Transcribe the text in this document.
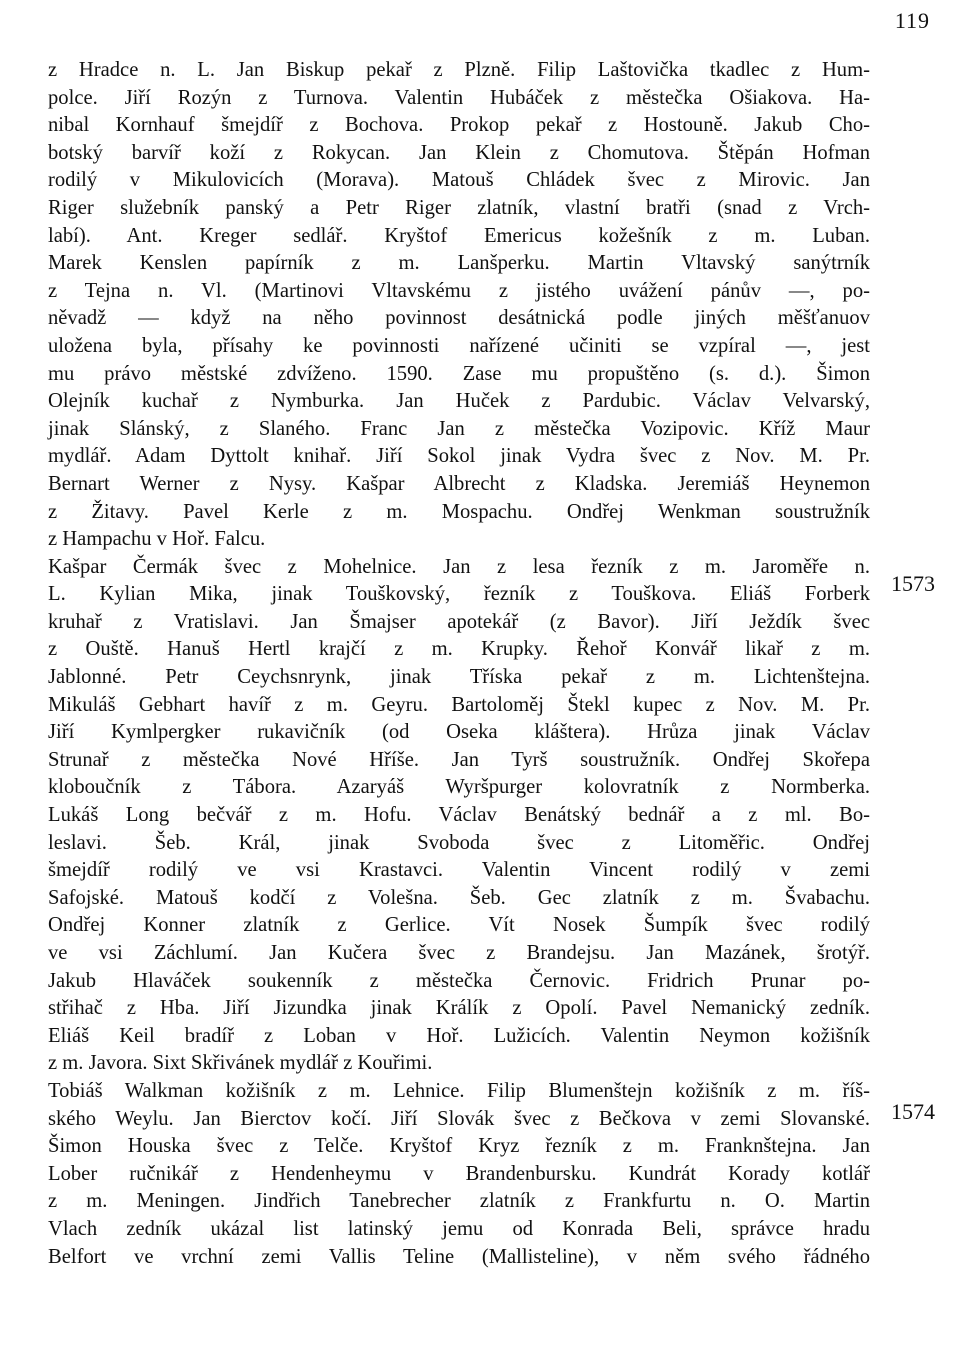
119
z Hradce n. L. Jan Biskup pekař z Plzně. Filip Laštovička tkadlec z Hum-
polce. Jiří Rozýn z Turnova. Valentin Hubáček z městečka Ošiakova. Ha-
nibal Kornhauf šmejdíř z Bochova. Prokop pekař z Hostouně. Jakub Cho-
botský barvíř koží z Rokycan. Jan Klein z Chomutova. Štěpán Hofman
rodilý v Mikulovicích (Morava). Matouš Chládek švec z Mirovic. Jan
Riger služebník panský a Petr Riger zlatník, vlastní bratři (snad z Vrch-
labí). Ant. Kreger sedlář. Kryštof Emericus kožešník z m. Luban.
Marek Kenslen papírník z m. Lanšperku. Martin Vltavský sanýtrník
z Tejna n. Vl. (Martinovi Vltavskému z jistého uvážení pánův —, po-
něvadž — když na něho povinnost desátnická podle jiných měšťanuov
uložena byla, přísahy ke povinnosti nařízené učiniti se vzpíral —, jest
mu právo městské zdvíženo. 1590. Zase mu propuštěno (s. d.). Šimon
Olejník kuchař z Nymburka. Jan Huček z Pardubic. Václav Velvarský,
jinak Slánský, z Slaného. Franc Jan z městečka Vozipovic. Kříž Maur
mydlář. Adam Dyttolt knihař. Jiří Sokol jinak Vydra švec z Nov. M. Pr.
Bernart Werner z Nysy. Kašpar Albrecht z Kladska. Jeremiáš Heynemon
z Žitavy. Pavel Kerle z m. Mospachu. Ondřej Wenkman soustružník
z Hampachu v Hoř. Falcu.
Kašpar Čermák švec z Mohelnice. Jan z lesa řezník z m. Jaroměře n.
L. Kylian Mika, jinak Touškovský, řezník z Touškova. Eliáš Forberk
kruhař z Vratislavi. Jan Šmajser apotekář (z Bavor). Jiří Ježdík švec
z Ouště. Hanuš Hertl krajčí z m. Krupky. Řehoř Konvář likař z m.
Jablonné. Petr Ceychsnrynk, jinak Tříska pekař z m. Lichtenštejna.
Mikuláš Gebhart havíř z m. Geyru. Bartoloměj Štekl kupec z Nov. M. Pr.
Jiří Kymlpergker rukavičník (od Oseka kláštera). Hrůza jinak Václav
Strunař z městečka Nové Hříše. Jan Tyrš soustružník. Ondřej Skořepa
kloboučník z Tábora. Azaryáš Wyršpurger kolovratník z Normberka.
Lukáš Long bečvář z m. Hofu. Václav Benátský bednář a z ml. Bo-
leslavi. Šeb. Král, jinak Svoboda švec z Litoměřic. Ondřej
šmejdíř rodilý ve vsi Krastavci. Valentin Vincent rodilý v zemi
Safojské. Matouš kodčí z Volešna. Šeb. Gec zlatník z m. Švabachu.
Ondřej Konner zlatník z Gerlice. Vít Nosek Šumpík švec rodilý
ve vsi Záchlumí. Jan Kučera švec z Brandejsu. Jan Mazánek, šrotýř.
Jakub Hlaváček soukenník z městečka Černovic. Fridrich Prunar po-
střihač z Hba. Jiří Jizundka jinak Králík z Opolí. Pavel Nemanický zedník.
Eliáš Keil bradíř z Loban v Hoř. Lužicích. Valentin Neymon kožišník
z m. Javora. Sixt Skřivánek mydlář z Kouřimi.
Tobiáš Walkman kožišník z m. Lehnice. Filip Blumenštejn kožišník z m. říš-
ského Weylu. Jan Bierctov kočí. Jiří Slovák švec z Bečkova v zemi Slovanské.
Šimon Houska švec z Telče. Kryštof Kryz řezník z m. Franknštejna. Jan
Lober ručnikář z Hendenheymu v Brandenbursku. Kundrát Korady kotlář
z m. Meningen. Jindřich Tanebrecher zlatník z Frankfurtu n. O. Martin
Vlach zedník ukázal list latinský jemu od Konrada Beli, správce hradu
Belfort ve vrchní zemi Vallis Teline (Mallisteline), v něm svého řádného
1573
1574
